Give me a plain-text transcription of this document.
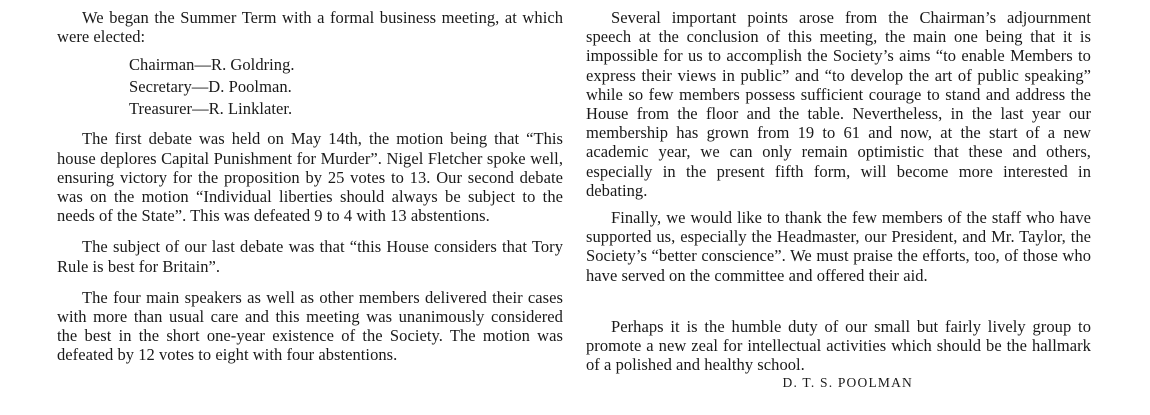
We began the Summer Term with a formal business meeting, at which were elected:

Chairman—R. Goldring.
Secretary—D. Poolman.
Treasurer—R. Linklater.

The first debate was held on May 14th, the motion being that “This house deplores Capital Punishment for Murder”. Nigel Fletcher spoke well, ensuring victory for the proposition by 25 votes to 13. Our second debate was on the motion “Individual liberties should always be subject to the needs of the State”. This was defeated 9 to 4 with 13 abstentions.

The subject of our last debate was that “this House considers that Tory Rule is best for Britain”.

The four main speakers as well as other members delivered their cases with more than usual care and this meeting was unanimously considered the best in the short one-year existence of the Society. The motion was defeated by 12 votes to eight with four abstentions.

Several important points arose from the Chairman’s adjournment speech at the conclusion of this meeting, the main one being that it is impossible for us to accomplish the Society’s aims “to enable Members to express their views in public” and “to develop the art of public speaking” while so few members possess sufficient courage to stand and address the House from the floor and the table. Nevertheless, in the last year our membership has grown from 19 to 61 and now, at the start of a new academic year, we can only remain optimistic that these and others, especially in the present fifth form, will become more interested in debating.

Finally, we would like to thank the few members of the staff who have supported us, especially the Headmaster, our President, and Mr. Taylor, the Society’s “better conscience”. We must praise the efforts, too, of those who have served on the committee and offered their aid.

Perhaps it is the humble duty of our small but fairly lively group to promote a new zeal for intellectual activities which should be the hallmark of a polished and healthy school.

D. T. S. POOLMAN
